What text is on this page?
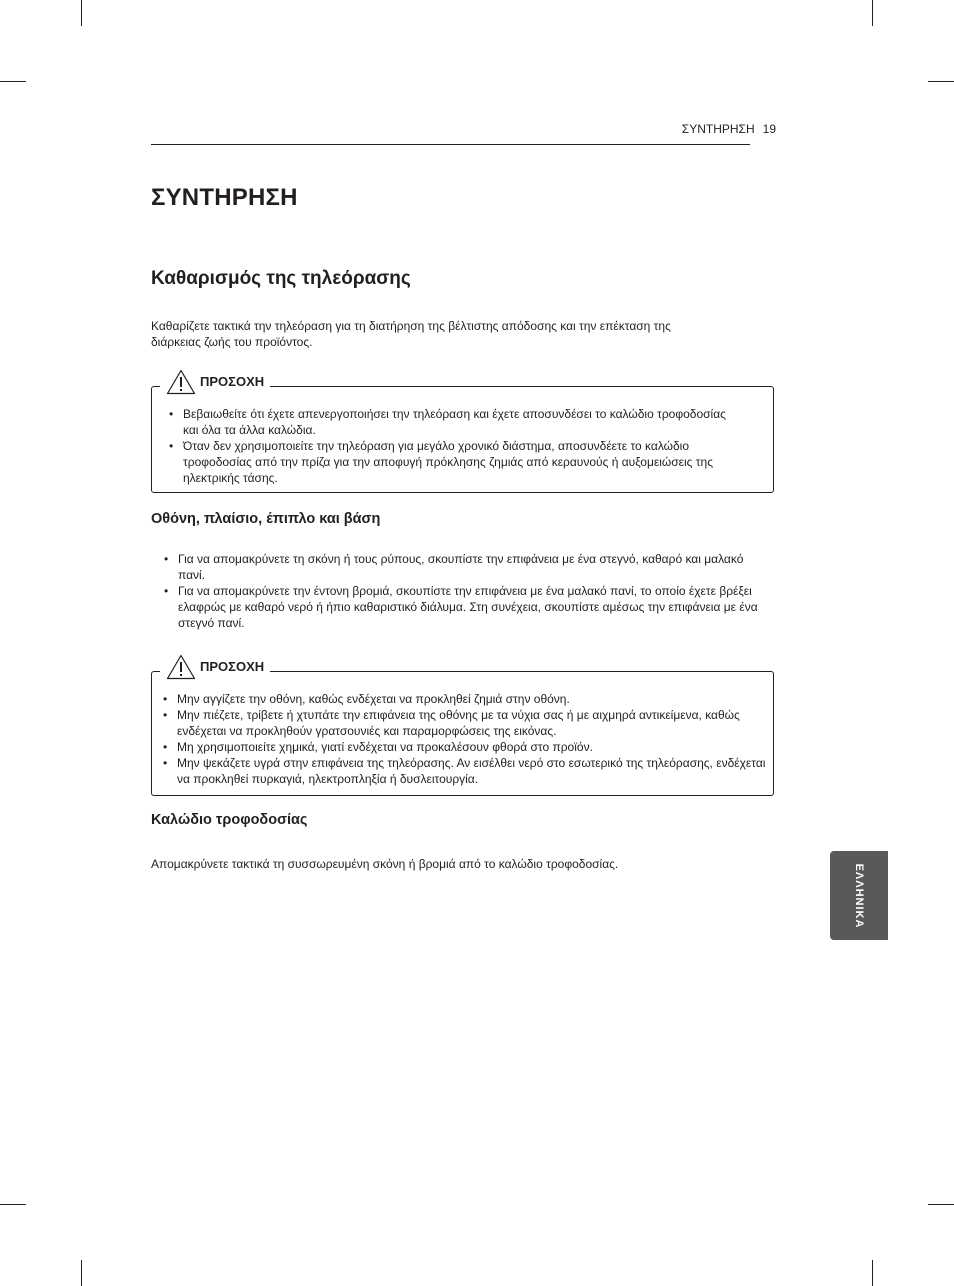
ΣΥΝΤΗΡΗΣΗ 19
ΣΥΝΤΗΡΗΣΗ
Καθαρισμός της τηλεόρασης

Καθαρίζετε τακτικά την τηλεόραση για τη διατήρηση της βέλτιστης απόδοσης και την επέκταση της
διάρκειας ζωής του προϊόντος.

ΠΡΟΣΟΧΗ
• Βεβαιωθείτε ότι έχετε απενεργοποιήσει την τηλεόραση και έχετε αποσυνδέσει το καλώδιο τροφοδοσίας και όλα τα άλλα καλώδια.
• Όταν δεν χρησιμοποιείτε την τηλεόραση για μεγάλο χρονικό διάστημα, αποσυνδέετε το καλώδιο τροφοδοσίας από την πρίζα για την αποφυγή πρόκλησης ζημιάς από κεραυνούς ή αυξομειώσεις της ηλεκτρικής τάσης.
Οθόνη, πλαίσιο, έπιπλο και βάση
• Για να απομακρύνετε τη σκόνη ή τους ρύπους, σκουπίστε την επιφάνεια με ένα στεγνό, καθαρό και μαλακό πανί.
• Για να απομακρύνετε την έντονη βρομιά, σκουπίστε την επιφάνεια με ένα μαλακό πανί, το οποίο έχετε βρέξει ελαφρώς με καθαρό νερό ή ήπιο καθαριστικό διάλυμα. Στη συνέχεια, σκουπίστε αμέσως την επιφάνεια με ένα στεγνό πανί.
ΠΡΟΣΟΧΗ
• Μην αγγίζετε την οθόνη, καθώς ενδέχεται να προκληθεί ζημιά στην οθόνη.
• Μην πιέζετε, τρίβετε ή χτυπάτε την επιφάνεια της οθόνης με τα νύχια σας ή με αιχμηρά αντικείμενα, καθώς ενδέχεται να προκληθούν γρατσουνιές και παραμορφώσεις της εικόνας.
• Μη χρησιμοποιείτε χημικά, γιατί ενδέχεται να προκαλέσουν φθορά στο προϊόν.
• Μην ψεκάζετε υγρά στην επιφάνεια της τηλεόρασης. Αν εισέλθει νερό στο εσωτερικό της τηλεόρασης, ενδέχεται να προκληθεί πυρκαγιά, ηλεκτροπληξία ή δυσλειτουργία.
Καλώδιο τροφοδοσίας

Απομακρύνετε τακτικά τη συσσωρευμένη σκόνη ή βρομιά από το καλώδιο τροφοδοσίας.	ΕΛΛΗΝΙΚΑ
